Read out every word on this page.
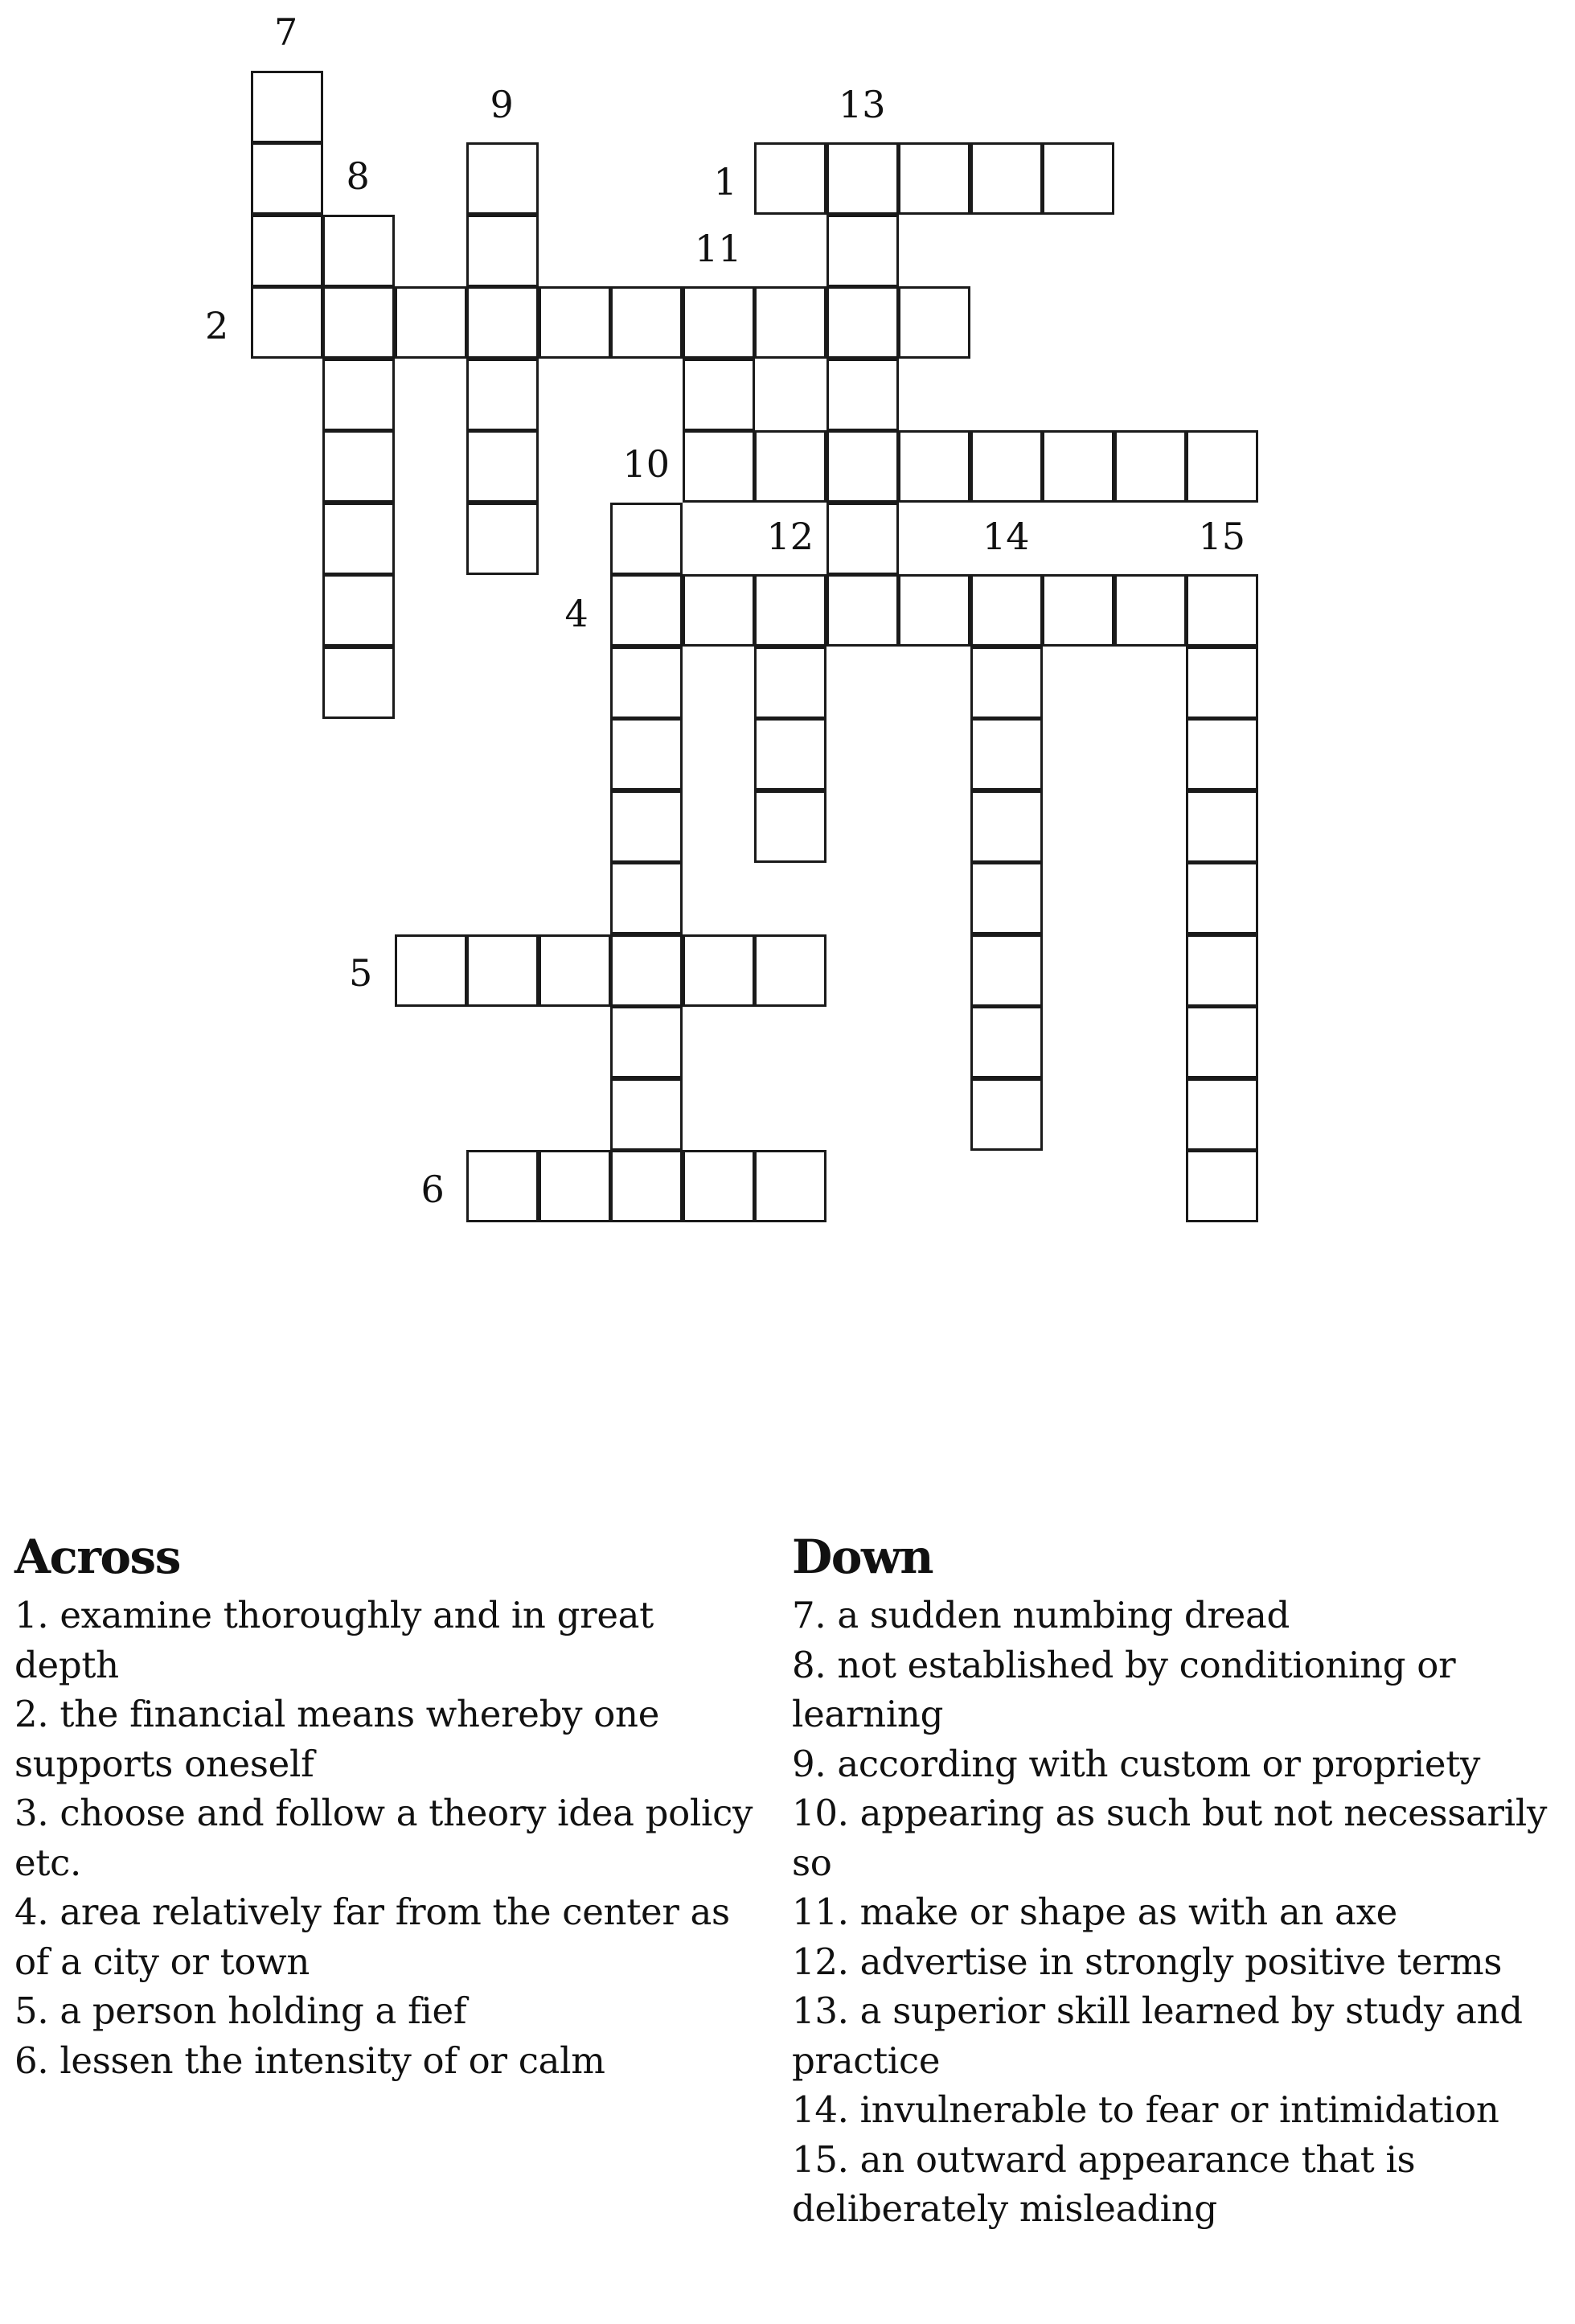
1
2
4
5
6
7
8
9
10
11
12
13
14	15
Across

1. examine thoroughly and in great depth

2. the financial means whereby one supports oneself

3. choose and follow a theory idea policy etc.

4. area relatively far from the center as of a city or town

5. a person holding a fief

6. lessen the intensity of or calm

Down

7. a sudden numbing dread

8. not established by conditioning or learning

9. according with custom or propriety

10. appearing as such but not necessarily so

11. make or shape as with an axe

12. advertise in strongly positive terms

13. a superior skill learned by study and practice

14. invulnerable to fear or intimidation

15. an outward appearance that is deliberately misleading
